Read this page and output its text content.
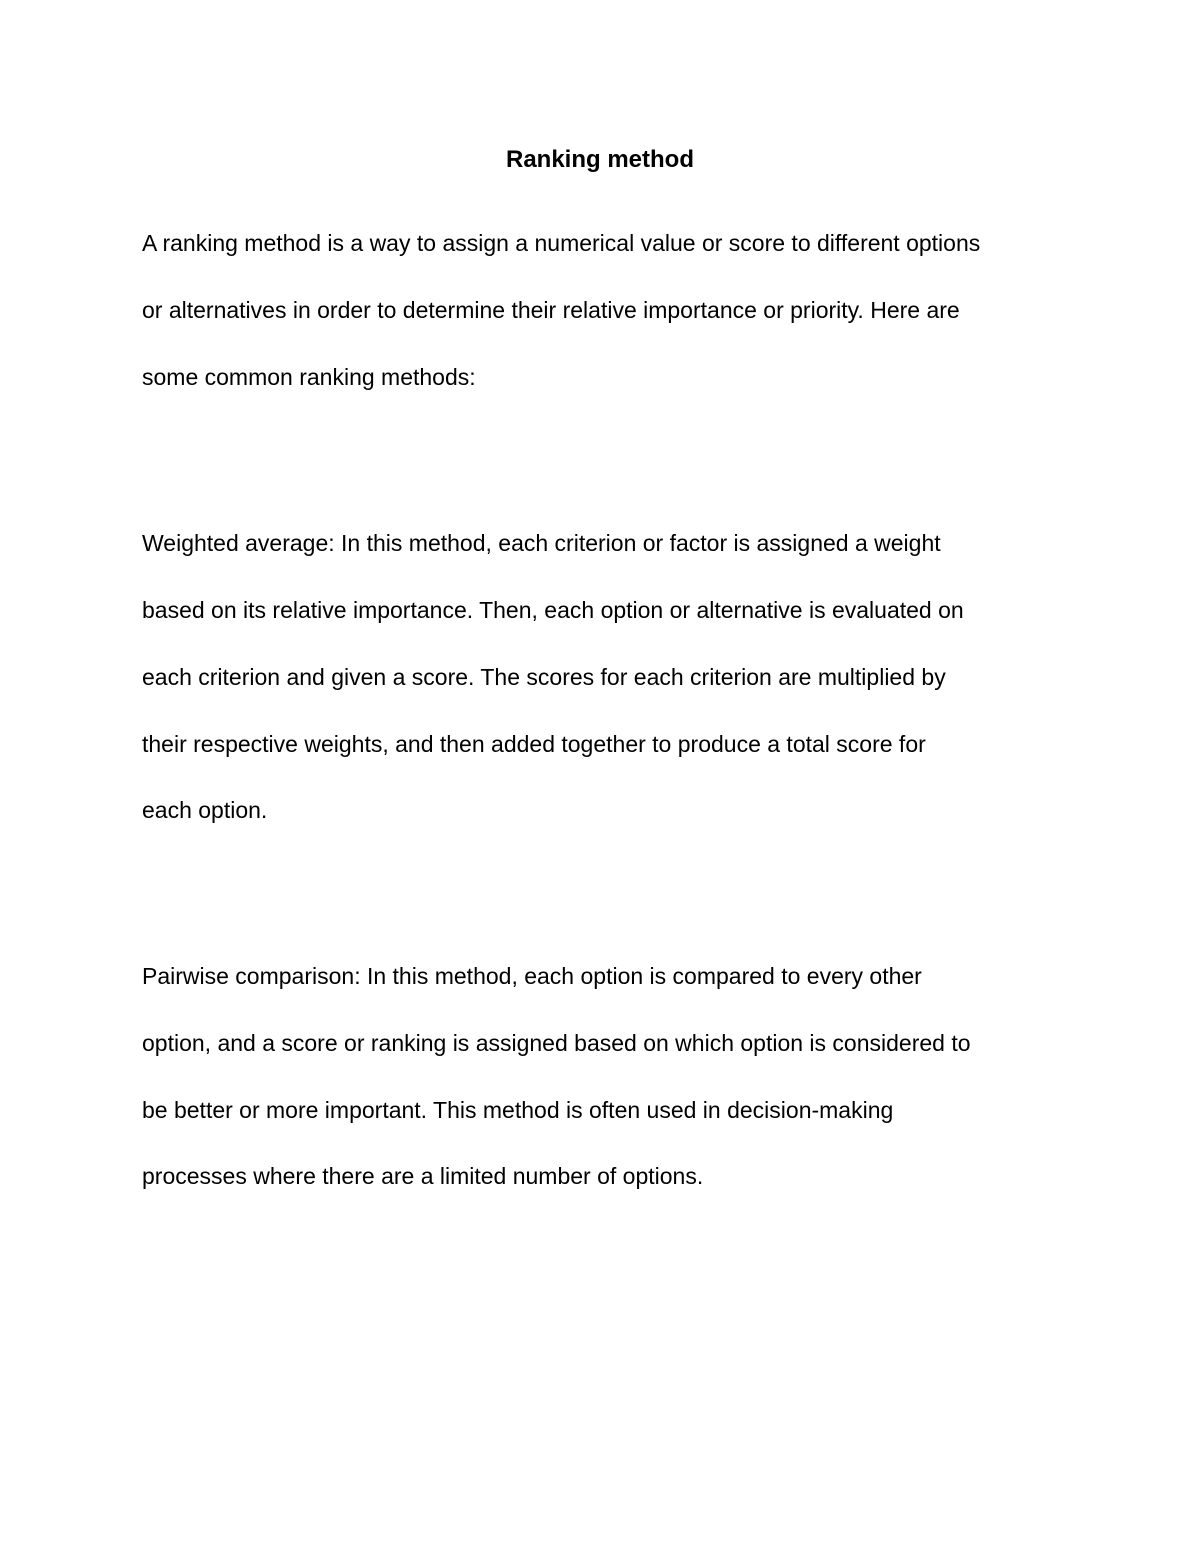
Ranking method

A ranking method is a way to assign a numerical value or score to different options

or alternatives in order to determine their relative importance or priority. Here are

some common ranking methods:

Weighted average: In this method, each criterion or factor is assigned a weight

based on its relative importance. Then, each option or alternative is evaluated on

each criterion and given a score. The scores for each criterion are multiplied by

their respective weights, and then added together to produce a total score for

each option.

Pairwise comparison: In this method, each option is compared to every other

option, and a score or ranking is assigned based on which option is considered to

be better or more important. This method is often used in decision-making

processes where there are a limited number of options.
